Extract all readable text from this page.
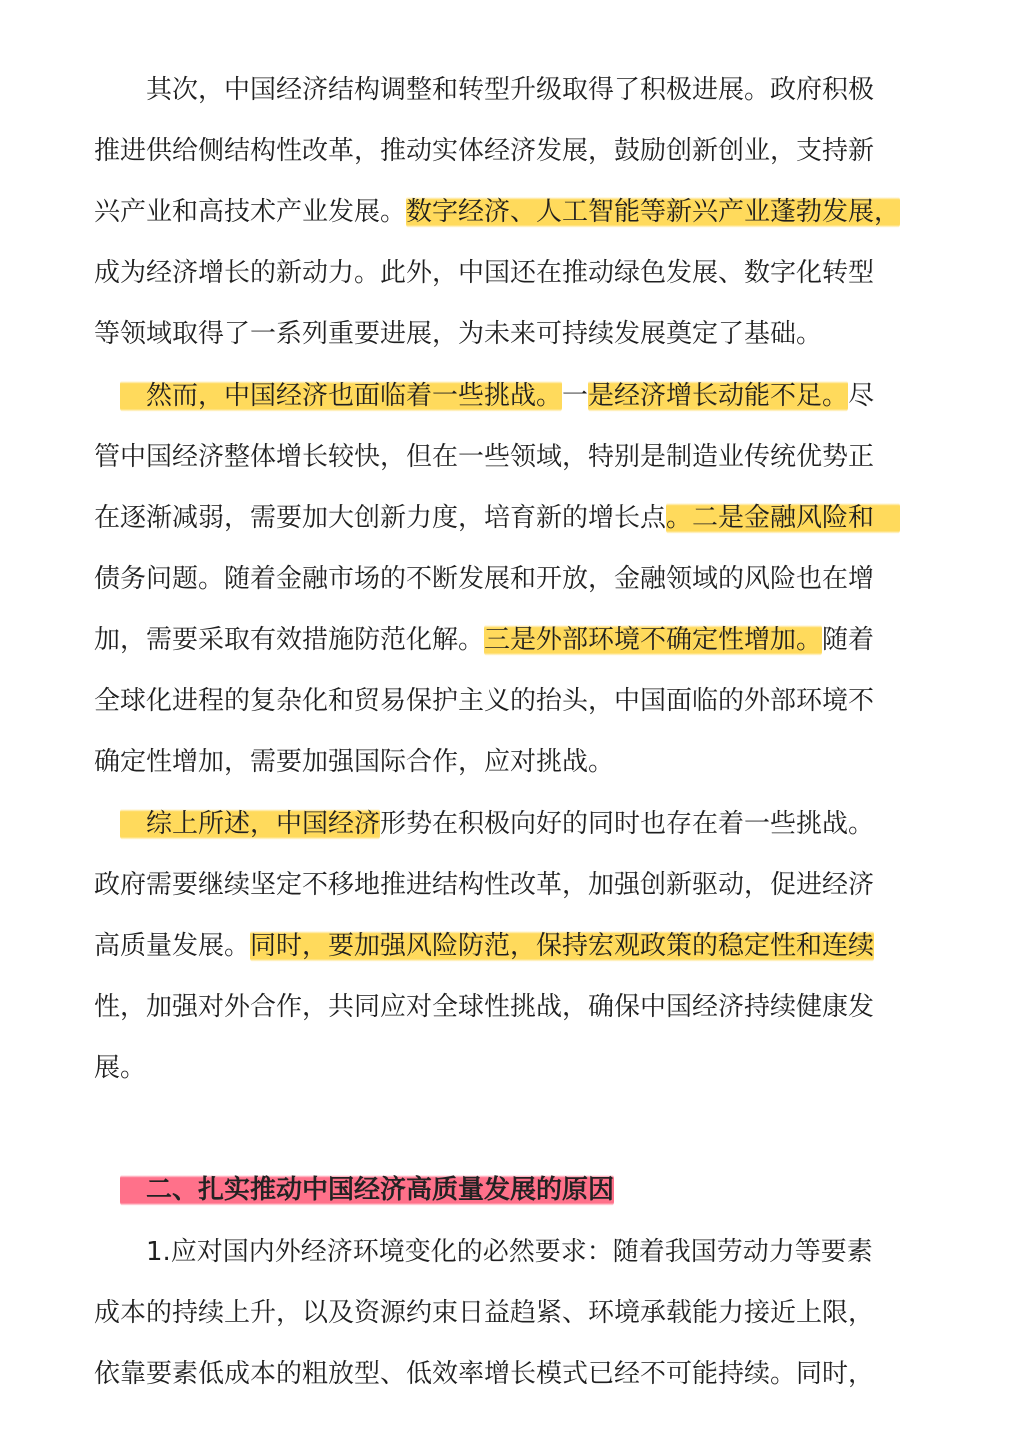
　　其次，中国经济结构调整和转型升级取得了积极进展。政府积极
推进供给侧结构性改革，推动实体经济发展，鼓励创新创业，支持新
兴产业和高技术产业发展。数字经济、人工智能等新兴产业蓬勃发展，
成为经济增长的新动力。此外，中国还在推动绿色发展、数字化转型
等领域取得了一系列重要进展，为未来可持续发展奠定了基础。
　　然而，中国经济也面临着一些挑战。一是经济增长动能不足。尽
管中国经济整体增长较快，但在一些领域，特别是制造业传统优势正
在逐渐减弱，需要加大创新力度，培育新的增长点。二是金融风险和　
债务问题。随着金融市场的不断发展和开放，金融领域的风险也在增
加，需要采取有效措施防范化解。三是外部环境不确定性增加。随着
全球化进程的复杂化和贸易保护主义的抬头，中国面临的外部环境不
确定性增加，需要加强国际合作，应对挑战。
　　综上所述，中国经济形势在积极向好的同时也存在着一些挑战。
政府需要继续坚定不移地推进结构性改革，加强创新驱动，促进经济
高质量发展。同时，要加强风险防范，保持宏观政策的稳定性和连续
性，加强对外合作，共同应对全球性挑战，确保中国经济持续健康发
展。
　　二、扎实推动中国经济高质量发展的原因
　　1.应对国内外经济环境变化的必然要求：随着我国劳动力等要素
成本的持续上升，以及资源约束日益趋紧、环境承载能力接近上限，
依靠要素低成本的粗放型、低效率增长模式已经不可能持续。同时，
